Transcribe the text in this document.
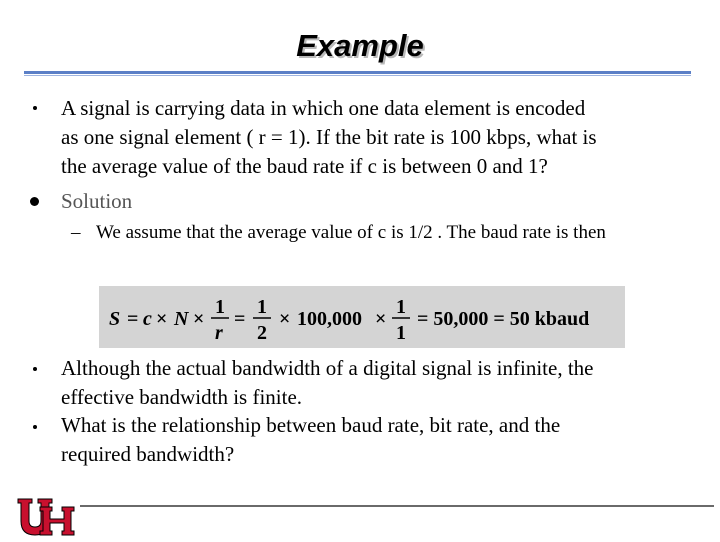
Example
A signal is carrying data in which one data element is encoded
as one signal element ( r = 1). If the bit rate is 100 kbps, what is
the average value of the baud rate if c is between 0 and 1?
Solution
– We assume that the average value of c is 1/2 . The baud rate is then
S = c × N ×
1
r
=
1
2
× 100,000 ×
1
1
= 50,000 = 50 kbaud
Although the actual bandwidth of a digital signal is infinite, the
effective bandwidth is finite.
What is the relationship between baud rate, bit rate, and the
required bandwidth?
